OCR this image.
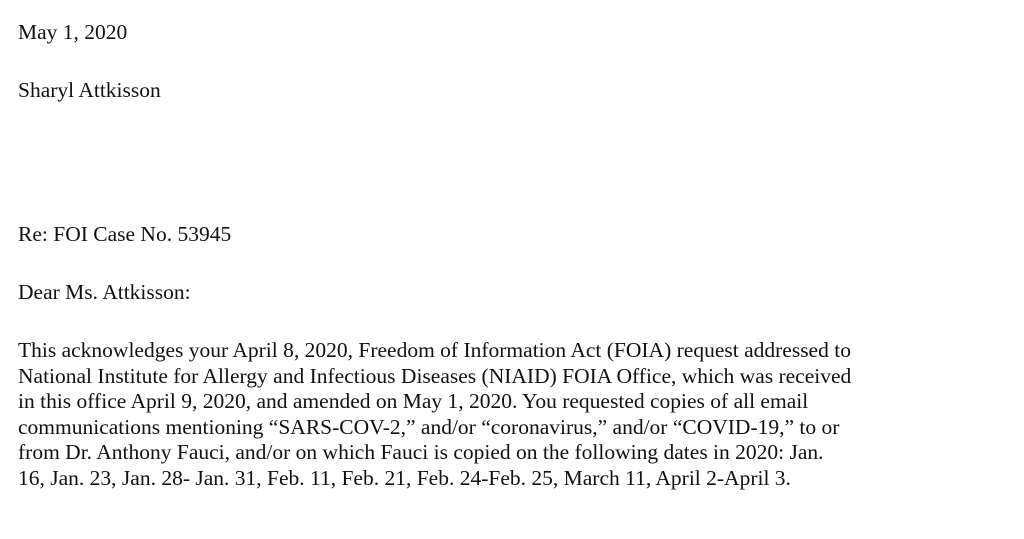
May 1, 2020
Sharyl Attkisson
Re: FOI Case No. 53945
Dear Ms. Attkisson:
This acknowledges your April 8, 2020, Freedom of Information Act (FOIA) request addressed to
National Institute for Allergy and Infectious Diseases (NIAID) FOIA Office, which was received
in this office April 9, 2020, and amended on May 1, 2020. You requested copies of all email
communications mentioning “SARS-COV-2,” and/or “coronavirus,” and/or “COVID-19,” to or
from Dr. Anthony Fauci, and/or on which Fauci is copied on the following dates in 2020: Jan.
16, Jan. 23, Jan. 28- Jan. 31, Feb. 11, Feb. 21, Feb. 24-Feb. 25, March 11, April 2-April 3.
